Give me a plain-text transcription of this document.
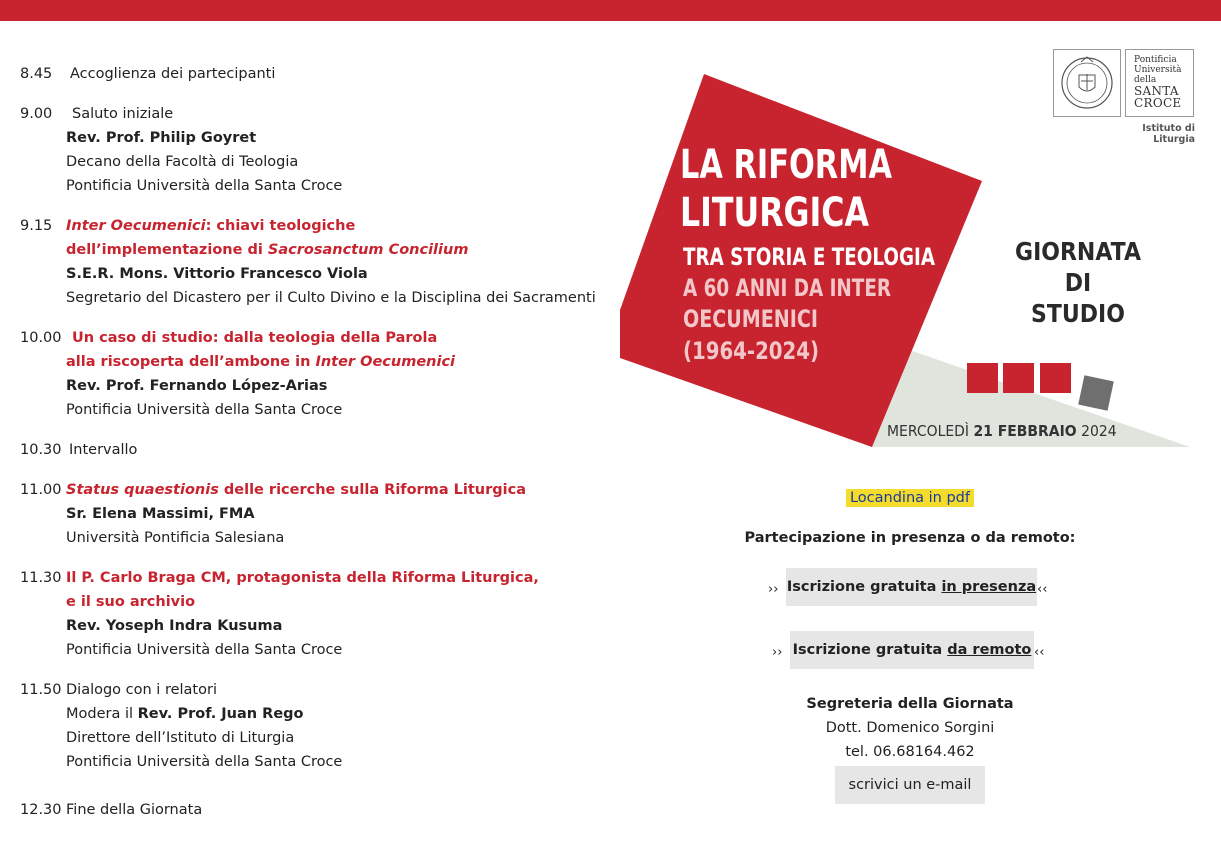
8.45 Accoglienza dei partecipanti
9.00 Saluto iniziale
Rev. Prof. Philip Goyret
Decano della Facoltà di Teologia
Pontificia Università della Santa Croce
9.15 Inter Oecumenici: chiavi teologiche
dell’implementazione di Sacrosanctum Concilium
S.E.R. Mons. Vittorio Francesco Viola
Segretario del Dicastero per il Culto Divino e la Disciplina dei Sacramenti
10.00 Un caso di studio: dalla teologia della Parola
alla riscoperta dell’ambone in Inter Oecumenici
Rev. Prof. Fernando López-Arias
Pontificia Università della Santa Croce
10.30 Intervallo
11.00 Status quaestionis delle ricerche sulla Riforma Liturgica
Sr. Elena Massimi, FMA
Università Pontificia Salesiana
11.30 Il P. Carlo Braga CM, protagonista della Riforma Liturgica,
e il suo archivio
Rev. Yoseph Indra Kusuma
Pontificia Università della Santa Croce
11.50 Dialogo con i relatori
Modera il Rev. Prof. Juan Rego
Direttore dell’Istituto di Liturgia
Pontificia Università della Santa Croce
12.30 Fine della Giornata
LA RIFORMA
LITURGICA
TRA STORIA E TEOLOGIA
A 60 ANNI DA INTER
OECUMENICI
(1964-2024)
Pontificia
Università
della
SANTA
CROCE
Istituto di Liturgia
GIORNATA DI
STUDIO
MERCOLEDÌ 21 FEBBRAIO 2024
Locandina in pdf
Partecipazione in presenza o da remoto:
›› Iscrizione gratuita in presenza ‹‹
›› Iscrizione gratuita da remoto ‹‹
Segreteria della Giornata
Dott. Domenico Sorgini
tel. 06.68164.462
scrivici un e-mail
